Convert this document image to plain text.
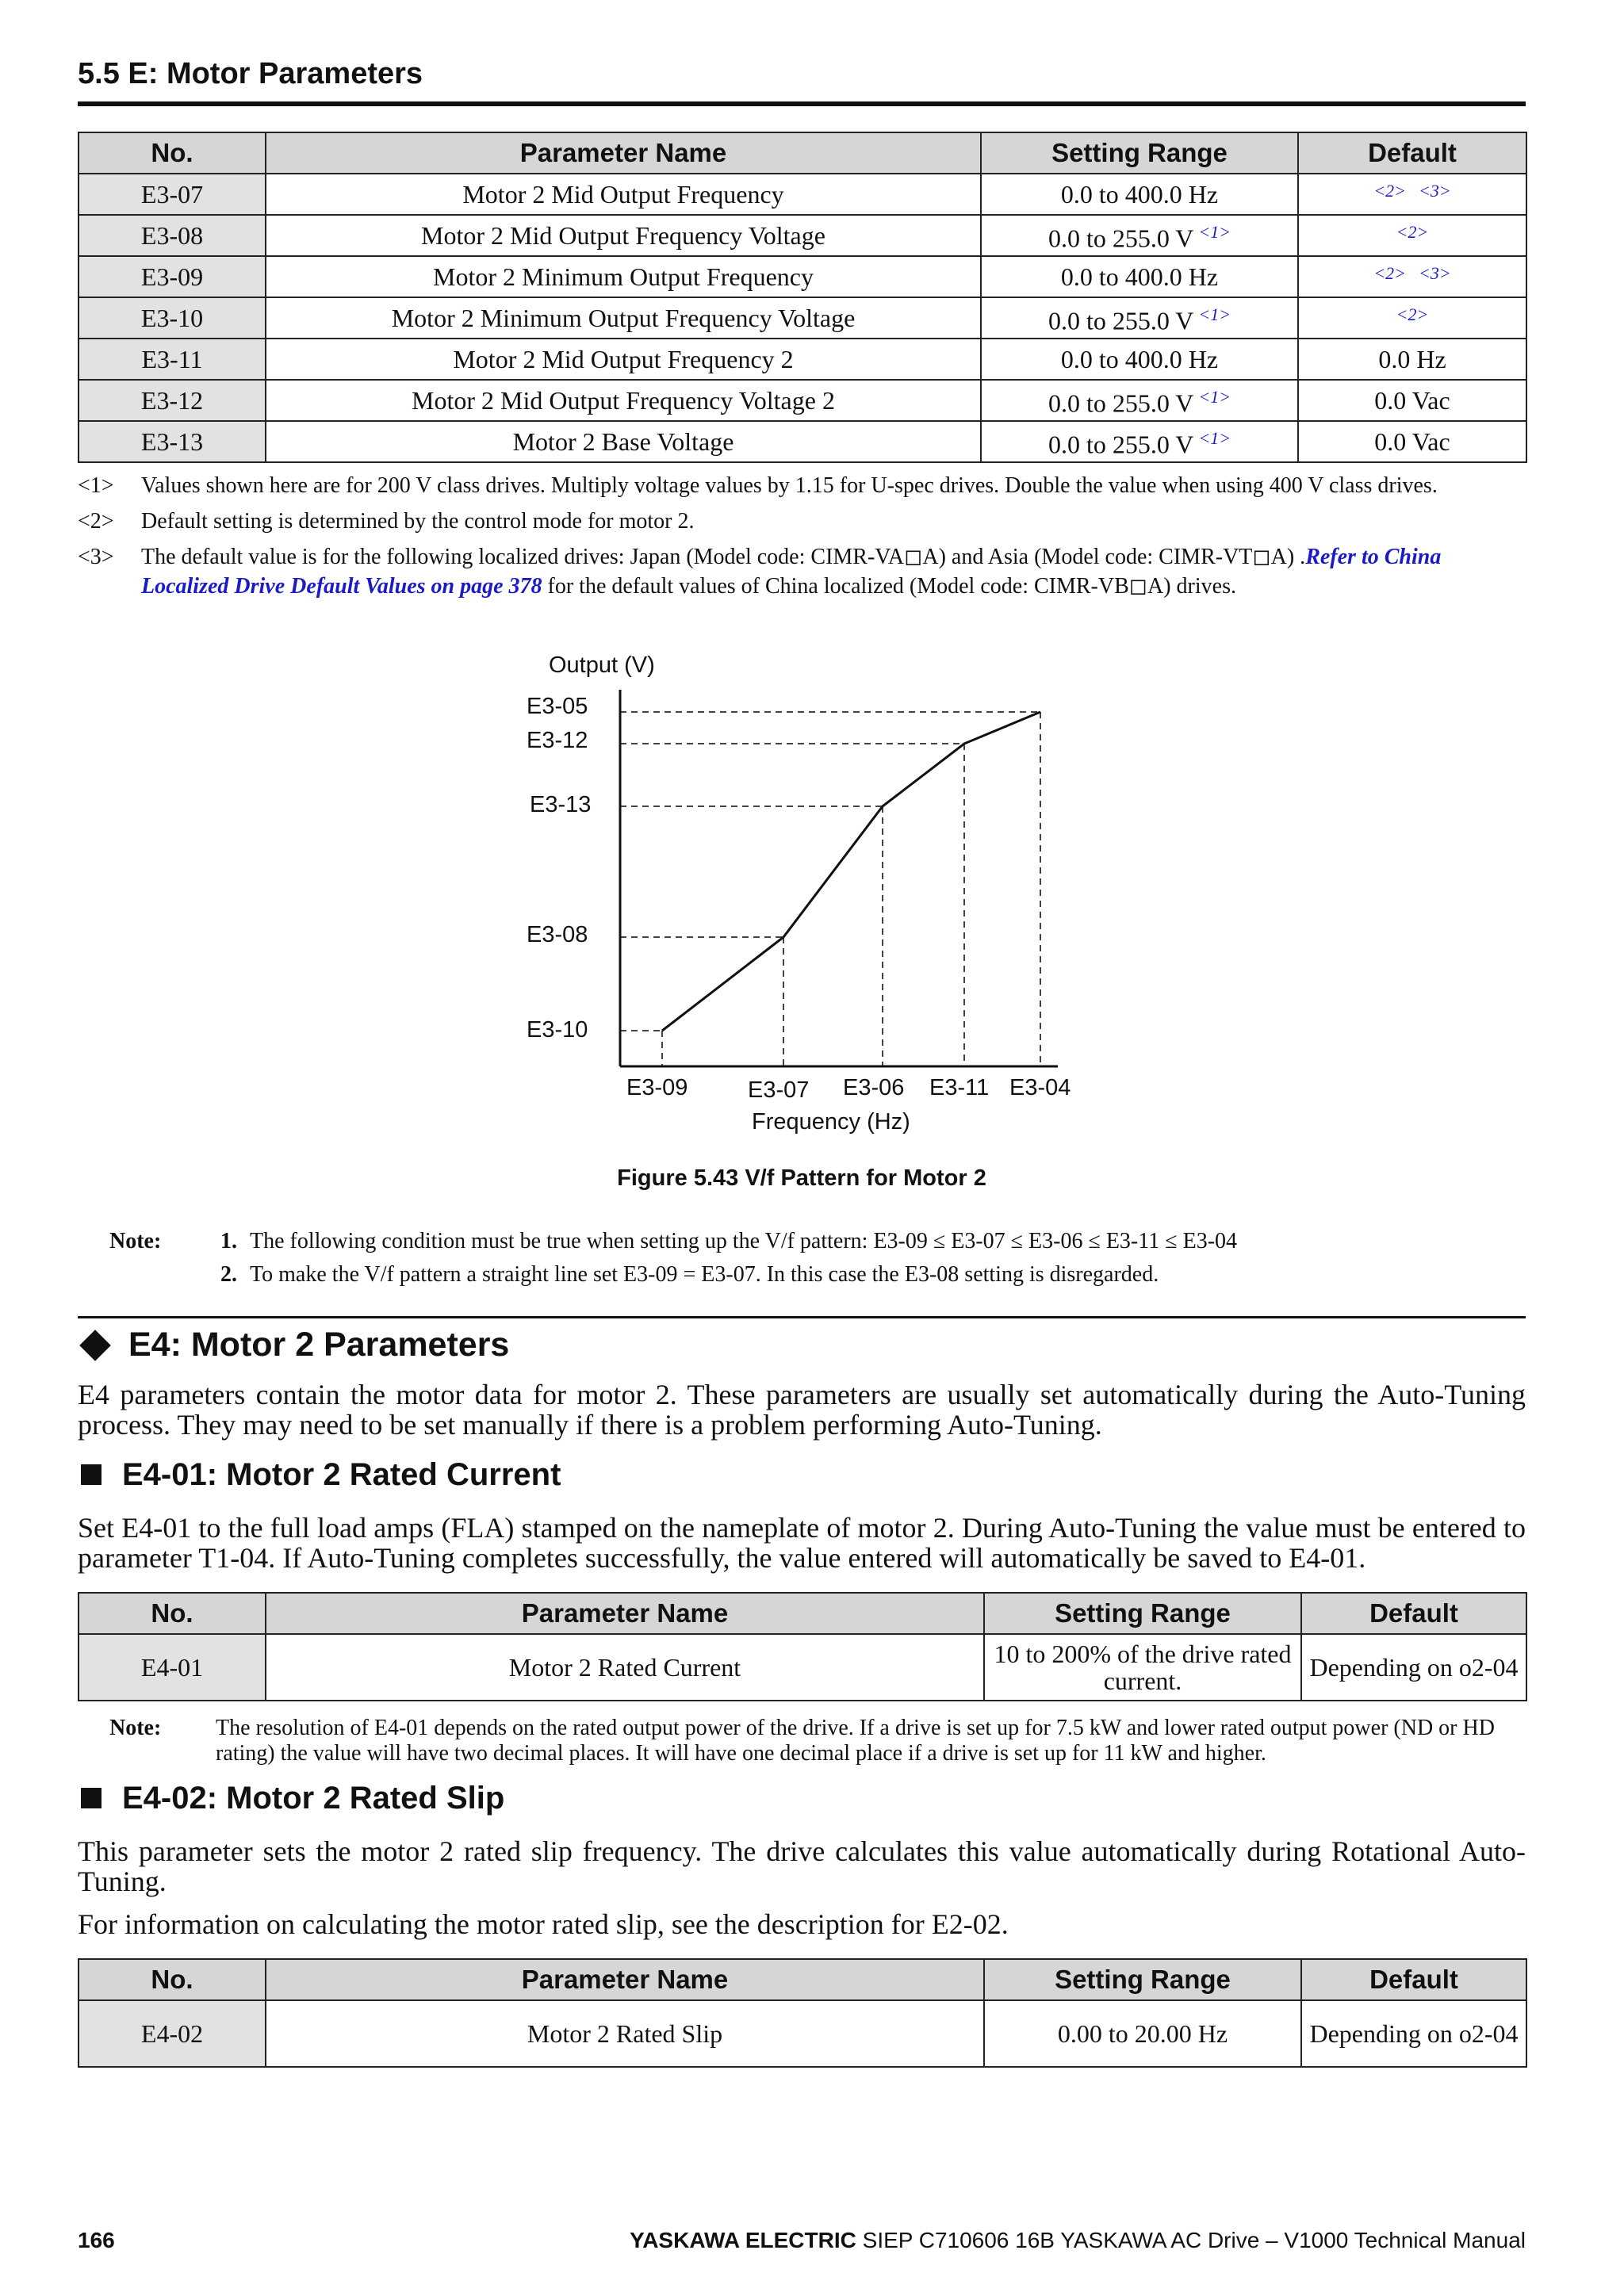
5.5 E: Motor Parameters
No.	Parameter Name	Setting Range	Default
E3-07	Motor 2 Mid Output Frequency	0.0 to 400.0 Hz	$^{<2>}$ $^{<3>}$
E3-08	Motor 2 Mid Output Frequency Voltage	0.0 to 255.0 V $^{<1>}$	$^{<2>}$
E3-09	Motor 2 Minimum Output Frequency	0.0 to 400.0 Hz	$^{<2>}$ $^{<3>}$
E3-10	Motor 2 Minimum Output Frequency Voltage	0.0 to 255.0 V $^{<1>}$	$^{<2>}$
E3-11	Motor 2 Mid Output Frequency 2	0.0 to 400.0 Hz	0.0 Hz
E3-12	Motor 2 Mid Output Frequency Voltage 2	0.0 to 255.0 V $^{<1>}$	0.0 Vac
E3-13	Motor 2 Base Voltage	0.0 to 255.0 V $^{<1>}$	0.0 Vac
<1> Values shown here are for 200 V class drives. Multiply voltage values by 1.15 for U-spec drives. Double the value when using 400 V class drives.
<2> Default setting is determined by the control mode for motor 2.
<3> The default value is for the following localized drives: Japan (Model code: CIMR-VA◻A) and Asia (Model code: CIMR-VT◻A) .Refer to China Localized Drive Default Values on page 378 for the default values of China localized (Model code: CIMR-VB◻A) drives.
Output (V)
E3-05
E3-12
E3-13
E3-08
E3-10
E3-09	E3-07 E3-06 E3-11 E3-04
Frequency (Hz)
Figure 5.43 V/f Pattern for Motor 2
Note:	1. The following condition must be true when setting up the V/f pattern: E3-09 ≤ E3-07 ≤ E3-06 ≤ E3-11 ≤ E3-04
2. To make the V/f pattern a straight line set E3-09 = E3-07. In this case the E3-08 setting is disregarded.
E4: Motor 2 Parameters
E4 parameters contain the motor data for motor 2. These parameters are usually set automatically during the Auto-Tuning process. They may need to be set manually if there is a problem performing Auto-Tuning.
E4-01: Motor 2 Rated Current
Set E4-01 to the full load amps (FLA) stamped on the nameplate of motor 2. During Auto-Tuning the value must be entered to parameter T1-04. If Auto-Tuning completes successfully, the value entered will automatically be saved to E4-01.
No.	Parameter Name	Setting Range	Default
E4-01	Motor 2 Rated Current	10 to 200% of the drive rated current.	Depending on o2-04
Note:	The resolution of E4-01 depends on the rated output power of the drive. If a drive is set up for 7.5 kW and lower rated output power (ND or HD rating) the value will have two decimal places. It will have one decimal place if a drive is set up for 11 kW and higher.
E4-02: Motor 2 Rated Slip
This parameter sets the motor 2 rated slip frequency. The drive calculates this value automatically during Rotational Auto-Tuning.
For information on calculating the motor rated slip, see the description for E2-02.
No.	Parameter Name	Setting Range	Default
E4-02	Motor 2 Rated Slip	0.00 to 20.00 Hz	Depending on o2-04
166	YASKAWA ELECTRIC SIEP C710606 16B YASKAWA AC Drive – V1000 Technical Manual
